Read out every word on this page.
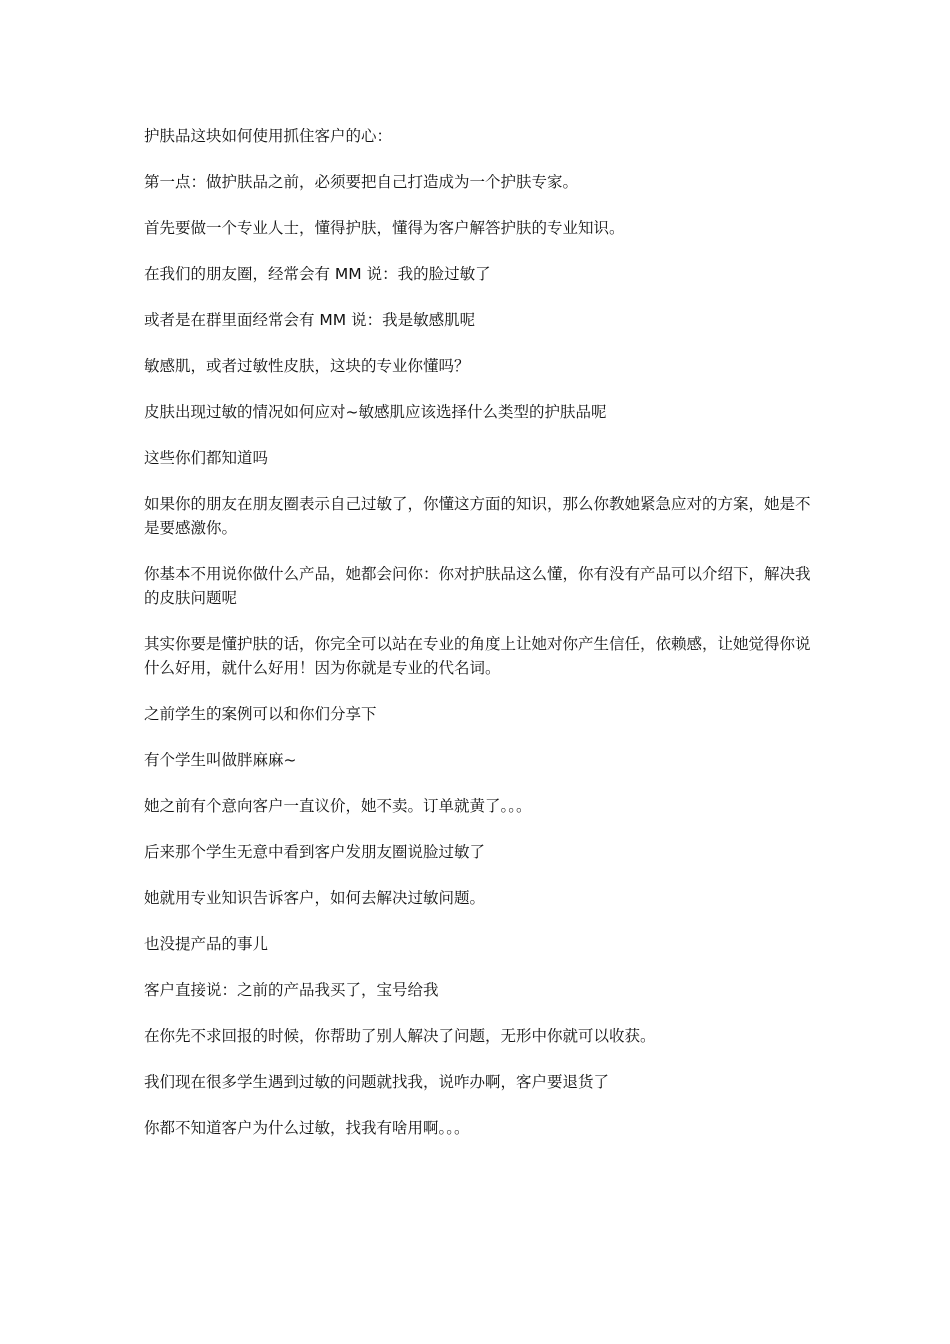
护肤品这块如何使用抓住客户的心：

第一点：做护肤品之前，必须要把自己打造成为一个护肤专家。

首先要做一个专业人士，懂得护肤，懂得为客户解答护肤的专业知识。

在我们的朋友圈，经常会有 MM 说：我的脸过敏了

或者是在群里面经常会有 MM 说：我是敏感肌呢

敏感肌，或者过敏性皮肤，这块的专业你懂吗？

皮肤出现过敏的情况如何应对~敏感肌应该选择什么类型的护肤品呢

这些你们都知道吗

如果你的朋友在朋友圈表示自己过敏了，你懂这方面的知识，那么你教她紧急应对的方案，她是不是要感激你。

你基本不用说你做什么产品，她都会问你：你对护肤品这么懂，你有没有产品可以介绍下，解决我的皮肤问题呢

其实你要是懂护肤的话，你完全可以站在专业的角度上让她对你产生信任，依赖感，让她觉得你说什么好用，就什么好用！因为你就是专业的代名词。

之前学生的案例可以和你们分享下

有个学生叫做胖麻麻~

她之前有个意向客户一直议价，她不卖。订单就黄了。。。

后来那个学生无意中看到客户发朋友圈说脸过敏了

她就用专业知识告诉客户，如何去解决过敏问题。

也没提产品的事儿

客户直接说：之前的产品我买了，宝号给我

在你先不求回报的时候，你帮助了别人解决了问题，无形中你就可以收获。

我们现在很多学生遇到过敏的问题就找我，说咋办啊，客户要退货了

你都不知道客户为什么过敏，找我有啥用啊。。。
